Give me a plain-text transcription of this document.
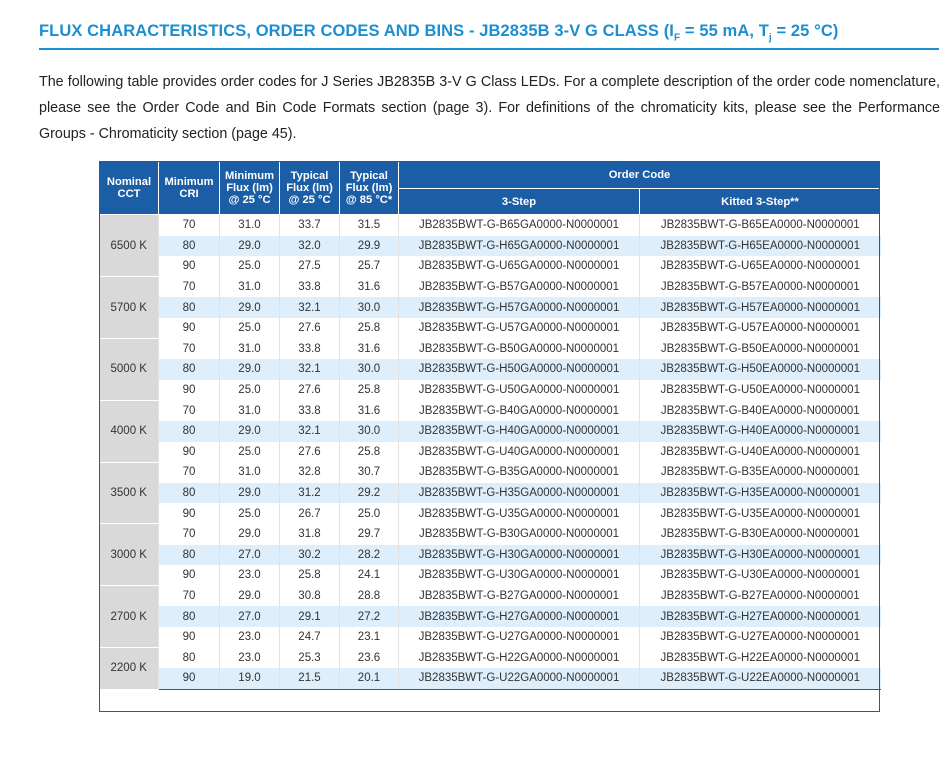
FLUX CHARACTERISTICS, ORDER CODES AND BINS - JB2835B 3-V G CLASS ($I_F = 55$ mA, $T_j = 25$ °C)
The following table provides order codes for J Series JB2835B 3-V G Class LEDs. For a complete description of the order code nomenclature, please see the Order Code and Bin Code Formats section (page 3). For definitions of the chromaticity kits, please see the Performance Groups - Chromaticity section (page 45).
Nominal CCT	Minimum CRI	Minimum Flux (lm) @ 25 °C	Typical Flux (lm) @ 25 °C	Typical Flux (lm) @ 85 °C*	Order Code	
					3-Step	Kitted 3-Step**
6500 K	70	31.0	33.7	31.5	JB2835BWT-G-B65GA0000-N0000001	JB2835BWT-G-B65EA0000-N0000001
	80	29.0	32.0	29.9	JB2835BWT-G-H65GA0000-N0000001	JB2835BWT-G-H65EA0000-N0000001
	90	25.0	27.5	25.7	JB2835BWT-G-U65GA0000-N0000001	JB2835BWT-G-U65EA0000-N0000001
5700 K	70	31.0	33.8	31.6	JB2835BWT-G-B57GA0000-N0000001	JB2835BWT-G-B57EA0000-N0000001
	80	29.0	32.1	30.0	JB2835BWT-G-H57GA0000-N0000001	JB2835BWT-G-H57EA0000-N0000001
	90	25.0	27.6	25.8	JB2835BWT-G-U57GA0000-N0000001	JB2835BWT-G-U57EA0000-N0000001
5000 K	70	31.0	33.8	31.6	JB2835BWT-G-B50GA0000-N0000001	JB2835BWT-G-B50EA0000-N0000001
	80	29.0	32.1	30.0	JB2835BWT-G-H50GA0000-N0000001	JB2835BWT-G-H50EA0000-N0000001
	90	25.0	27.6	25.8	JB2835BWT-G-U50GA0000-N0000001	JB2835BWT-G-U50EA0000-N0000001
4000 K	70	31.0	33.8	31.6	JB2835BWT-G-B40GA0000-N0000001	JB2835BWT-G-B40EA0000-N0000001
	80	29.0	32.1	30.0	JB2835BWT-G-H40GA0000-N0000001	JB2835BWT-G-H40EA0000-N0000001
	90	25.0	27.6	25.8	JB2835BWT-G-U40GA0000-N0000001	JB2835BWT-G-U40EA0000-N0000001
3500 K	70	31.0	32.8	30.7	JB2835BWT-G-B35GA0000-N0000001	JB2835BWT-G-B35EA0000-N0000001
	80	29.0	31.2	29.2	JB2835BWT-G-H35GA0000-N0000001	JB2835BWT-G-H35EA0000-N0000001
	90	25.0	26.7	25.0	JB2835BWT-G-U35GA0000-N0000001	JB2835BWT-G-U35EA0000-N0000001
3000 K	70	29.0	31.8	29.7	JB2835BWT-G-B30GA0000-N0000001	JB2835BWT-G-B30EA0000-N0000001
	80	27.0	30.2	28.2	JB2835BWT-G-H30GA0000-N0000001	JB2835BWT-G-H30EA0000-N0000001
	90	23.0	25.8	24.1	JB2835BWT-G-U30GA0000-N0000001	JB2835BWT-G-U30EA0000-N0000001
2700 K	70	29.0	30.8	28.8	JB2835BWT-G-B27GA0000-N0000001	JB2835BWT-G-B27EA0000-N0000001
	80	27.0	29.1	27.2	JB2835BWT-G-H27GA0000-N0000001	JB2835BWT-G-H27EA0000-N0000001
	90	23.0	24.7	23.1	JB2835BWT-G-U27GA0000-N0000001	JB2835BWT-G-U27EA0000-N0000001
2200 K	80	23.0	25.3	23.6	JB2835BWT-G-H22GA0000-N0000001	JB2835BWT-G-H22EA0000-N0000001
	90	19.0	21.5	20.1	JB2835BWT-G-U22GA0000-N0000001	JB2835BWT-G-U22EA0000-N0000001
